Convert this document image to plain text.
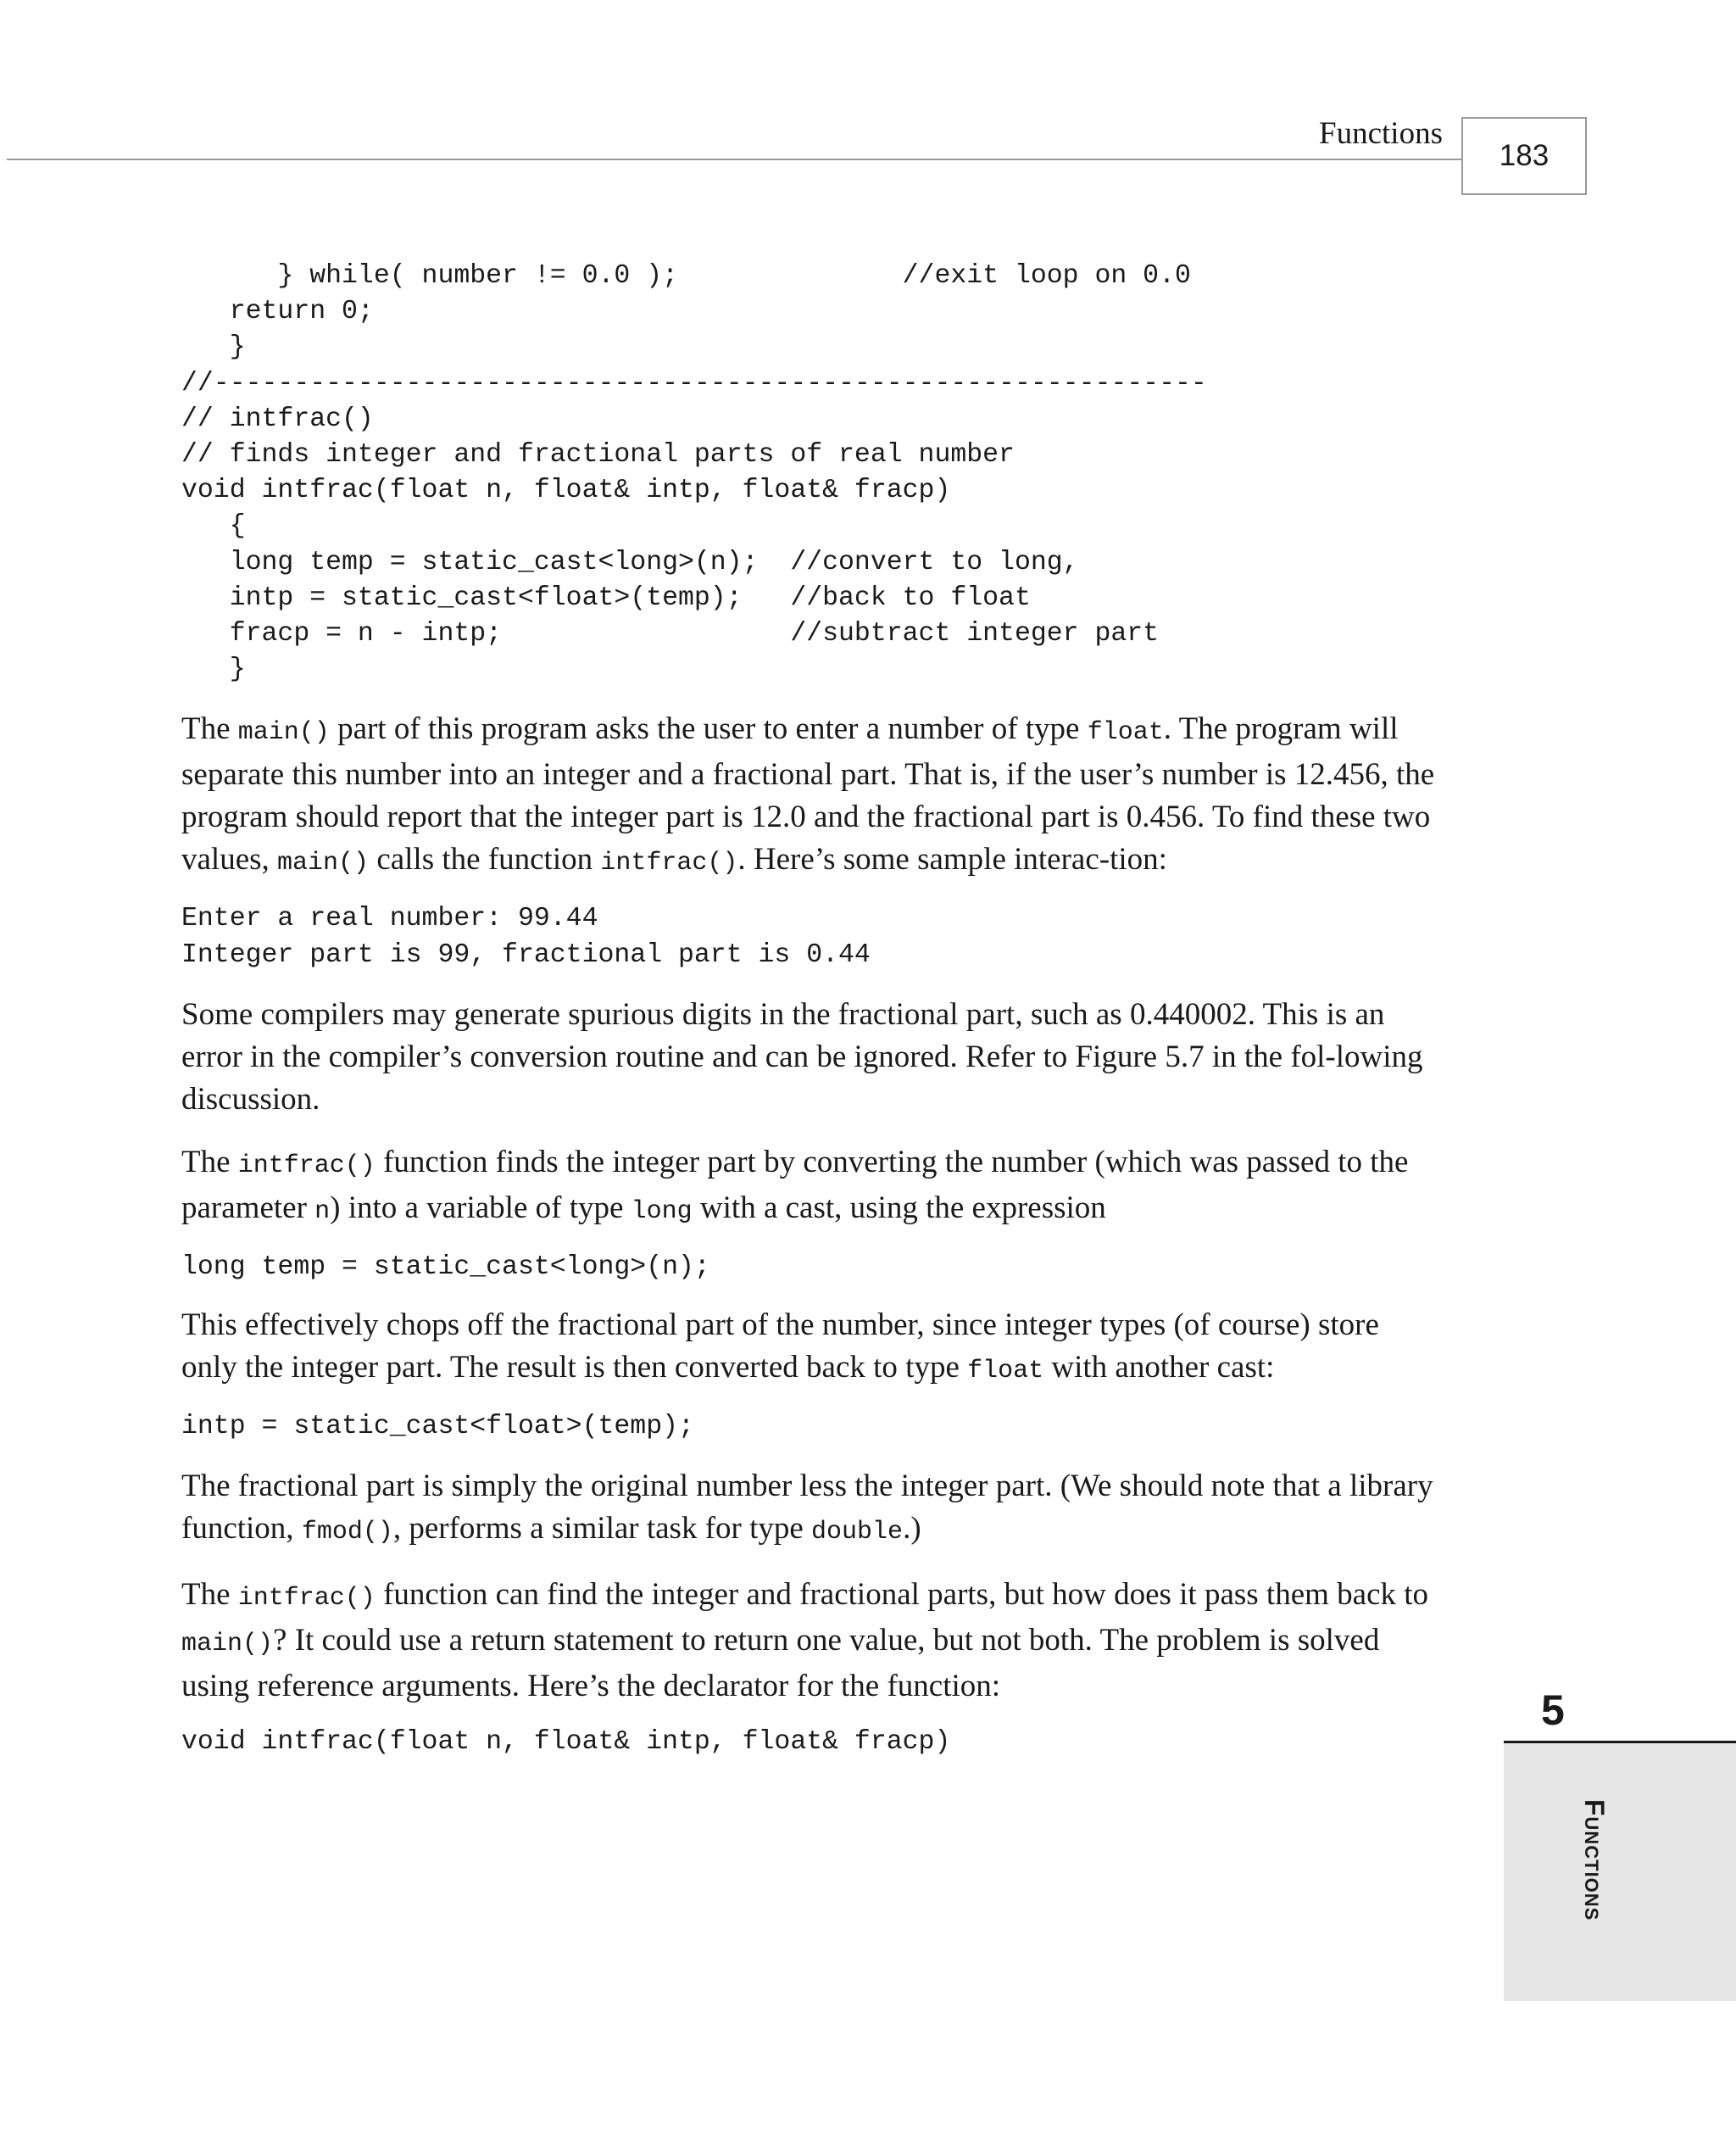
Functions
183
} while( number != 0.0 );              //exit loop on 0.0
return 0;
}
//--------------------------------------------------------------
// intfrac()
// finds integer and fractional parts of real number
void intfrac(float n, float& intp, float& fracp)
{
long temp = static_cast<long>(n);  //convert to long,
intp = static_cast<float>(temp);   //back to float
fracp = n - intp;                  //subtract integer part
}

The main() part of this program asks the user to enter a number of type float. The program will separate this number into an integer and a fractional part. That is, if the user’s number is 12.456, the program should report that the integer part is 12.0 and the fractional part is 0.456. To find these two values, main() calls the function intfrac(). Here’s some sample interac-tion:

Enter a real number: 99.44
Integer part is 99, fractional part is 0.44

Some compilers may generate spurious digits in the fractional part, such as 0.440002. This is an error in the compiler’s conversion routine and can be ignored. Refer to Figure 5.7 in the fol-lowing discussion.

The intfrac() function finds the integer part by converting the number (which was passed to the parameter n) into a variable of type long with a cast, using the expression

long temp = static_cast<long>(n);

This effectively chops off the fractional part of the number, since integer types (of course) store only the integer part. The result is then converted back to type float with another cast:

intp = static_cast<float>(temp);

The fractional part is simply the original number less the integer part. (We should note that a library function, fmod(), performs a similar task for type double.)

The intfrac() function can find the integer and fractional parts, but how does it pass them back to main()? It could use a return statement to return one value, but not both. The problem is solved using reference arguments. Here’s the declarator for the function:

void intfrac(float n, float& intp, float& fracp)
5
Functions
